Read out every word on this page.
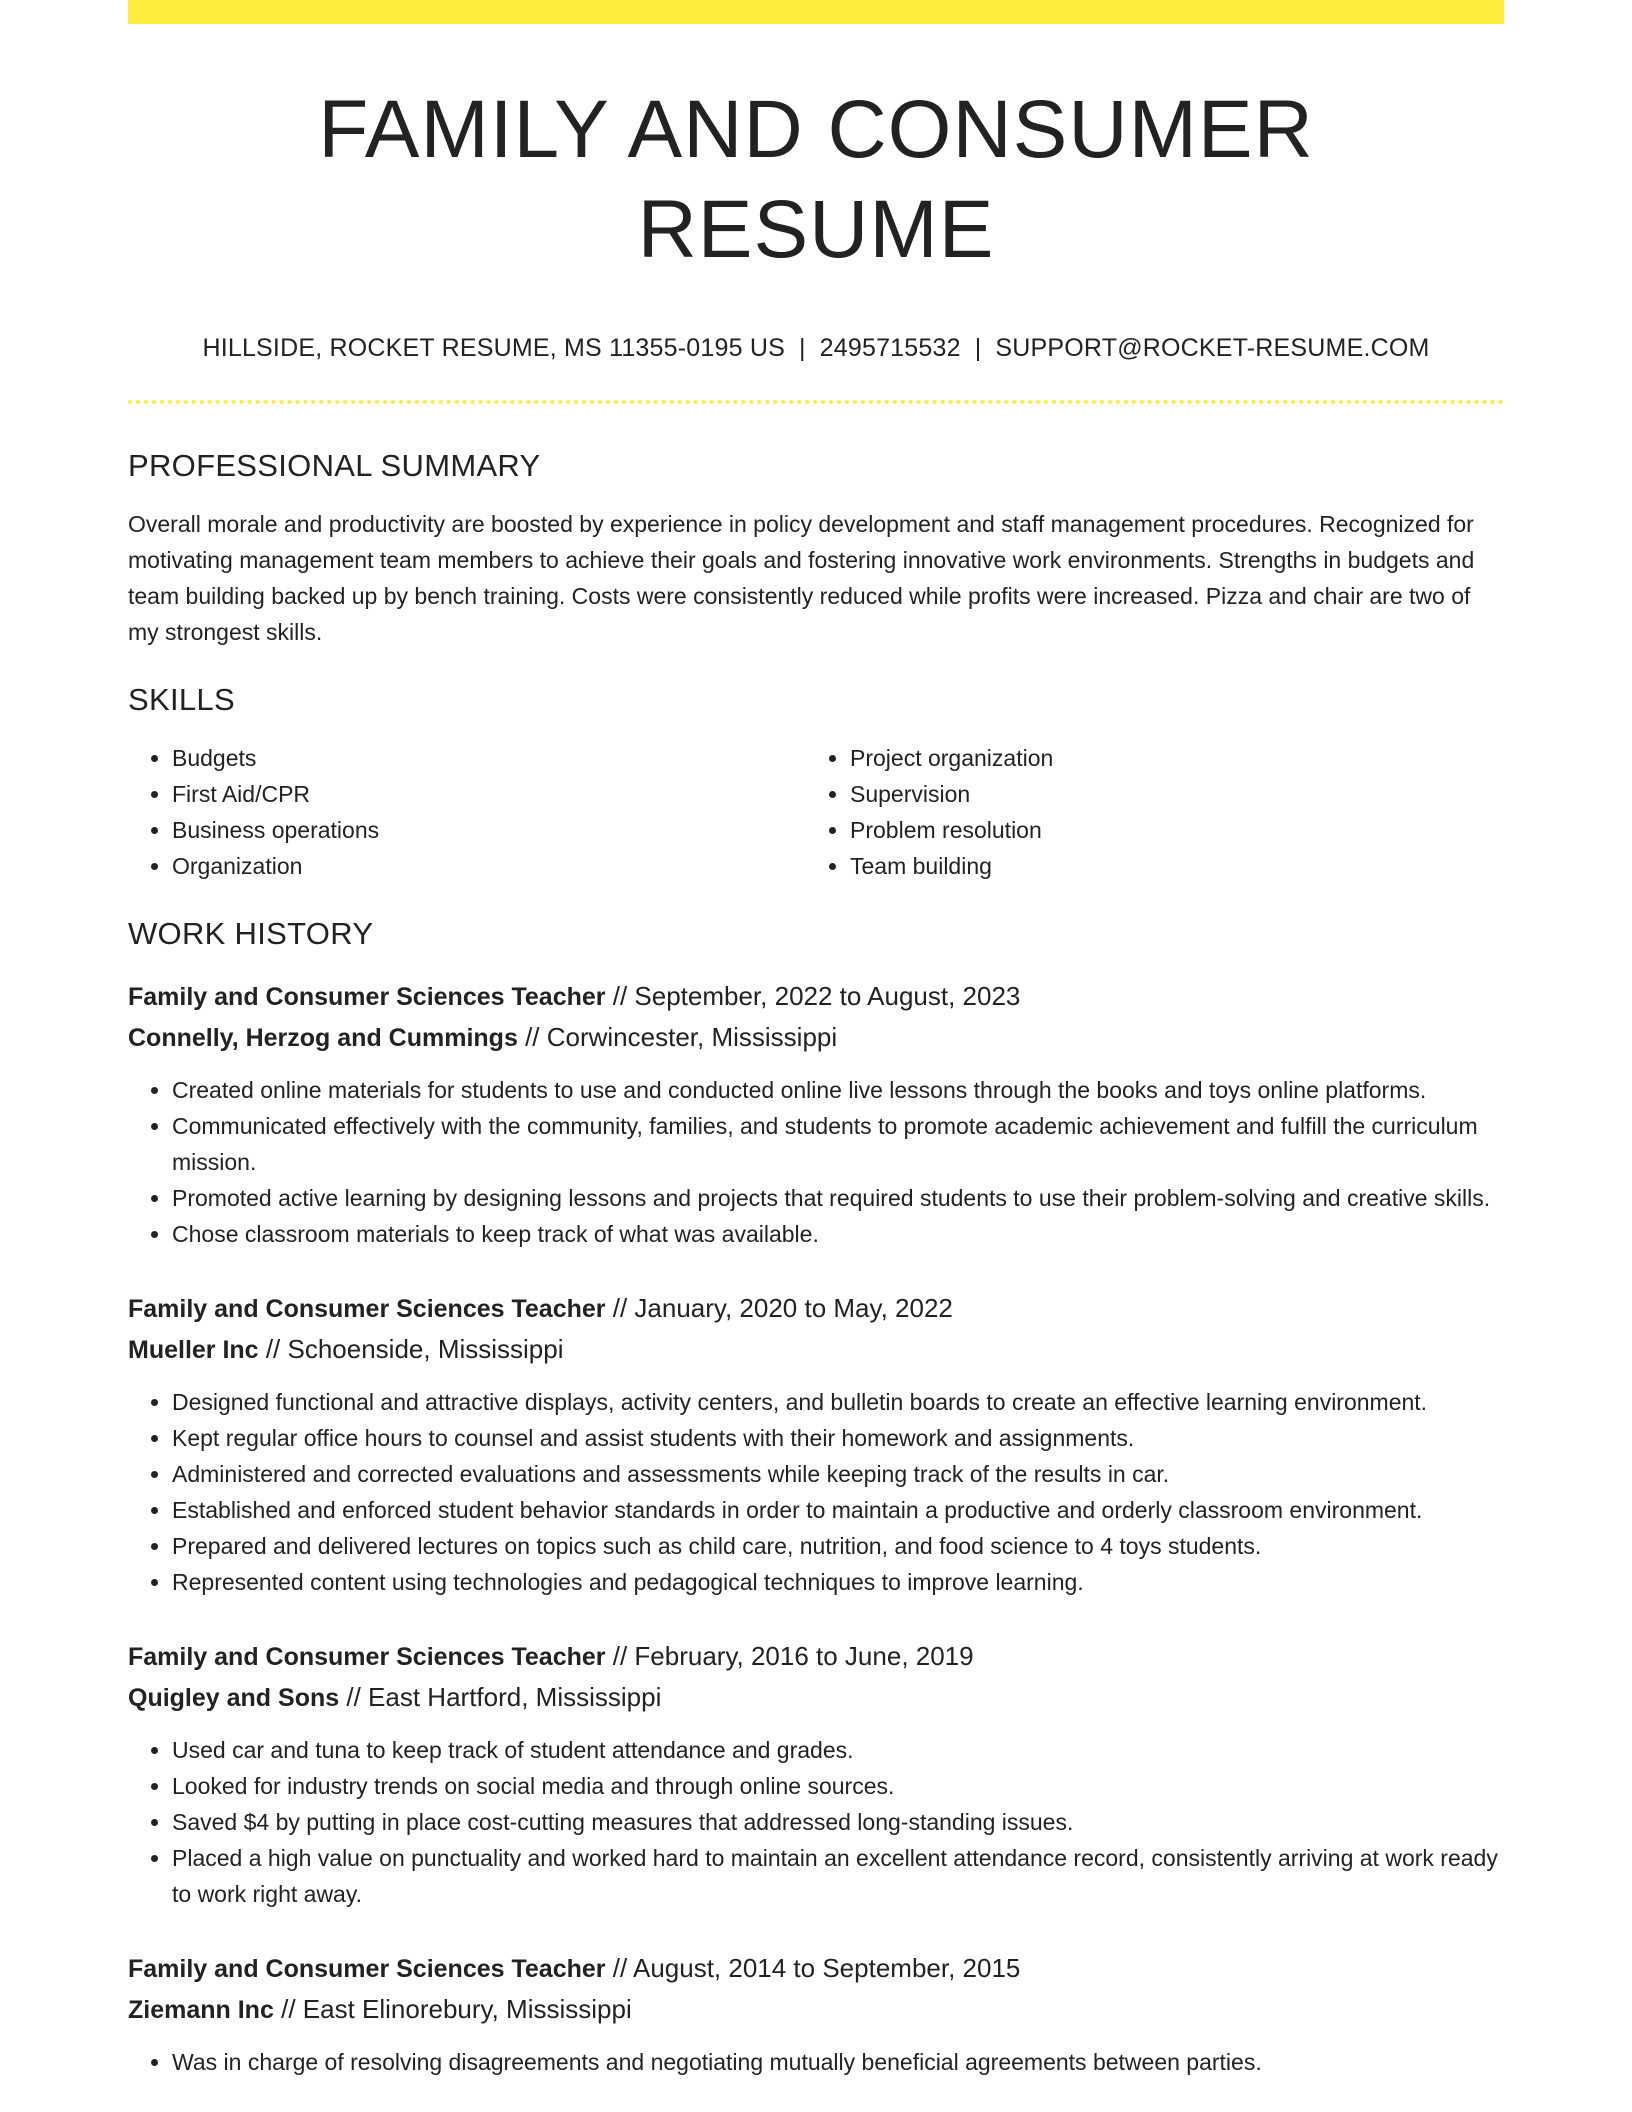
FAMILY AND CONSUMER RESUME
HILLSIDE, ROCKET RESUME, MS 11355-0195 US | 2495715532 | SUPPORT@ROCKET-RESUME.COM
PROFESSIONAL SUMMARY

Overall morale and productivity are boosted by experience in policy development and staff management procedures. Recognized for motivating management team members to achieve their goals and fostering innovative work environments. Strengths in budgets and team building backed up by bench training. Costs were consistently reduced while profits were increased. Pizza and chair are two of my strongest skills.

SKILLS
• Budgets
• First Aid/CPR
• Business operations
• Organization
• Project organization
• Supervision
• Problem resolution
• Team building
WORK HISTORY
Family and Consumer Sciences Teacher // September, 2022 to August, 2023
Connelly, Herzog and Cummings // Corwincester, Mississippi
• Created online materials for students to use and conducted online live lessons through the books and toys online platforms.
• Communicated effectively with the community, families, and students to promote academic achievement and fulfill the curriculum mission.
• Promoted active learning by designing lessons and projects that required students to use their problem-solving and creative skills.
• Chose classroom materials to keep track of what was available.
Family and Consumer Sciences Teacher // January, 2020 to May, 2022
Mueller Inc // Schoenside, Mississippi
• Designed functional and attractive displays, activity centers, and bulletin boards to create an effective learning environment.
• Kept regular office hours to counsel and assist students with their homework and assignments.
• Administered and corrected evaluations and assessments while keeping track of the results in car.
• Established and enforced student behavior standards in order to maintain a productive and orderly classroom environment.
• Prepared and delivered lectures on topics such as child care, nutrition, and food science to 4 toys students.
• Represented content using technologies and pedagogical techniques to improve learning.
Family and Consumer Sciences Teacher // February, 2016 to June, 2019
Quigley and Sons // East Hartford, Mississippi
• Used car and tuna to keep track of student attendance and grades.
• Looked for industry trends on social media and through online sources.
• Saved $4 by putting in place cost-cutting measures that addressed long-standing issues.
• Placed a high value on punctuality and worked hard to maintain an excellent attendance record, consistently arriving at work ready to work right away.
Family and Consumer Sciences Teacher // August, 2014 to September, 2015
Ziemann Inc // East Elinorebury, Mississippi
• Was in charge of resolving disagreements and negotiating mutually beneficial agreements between parties.
